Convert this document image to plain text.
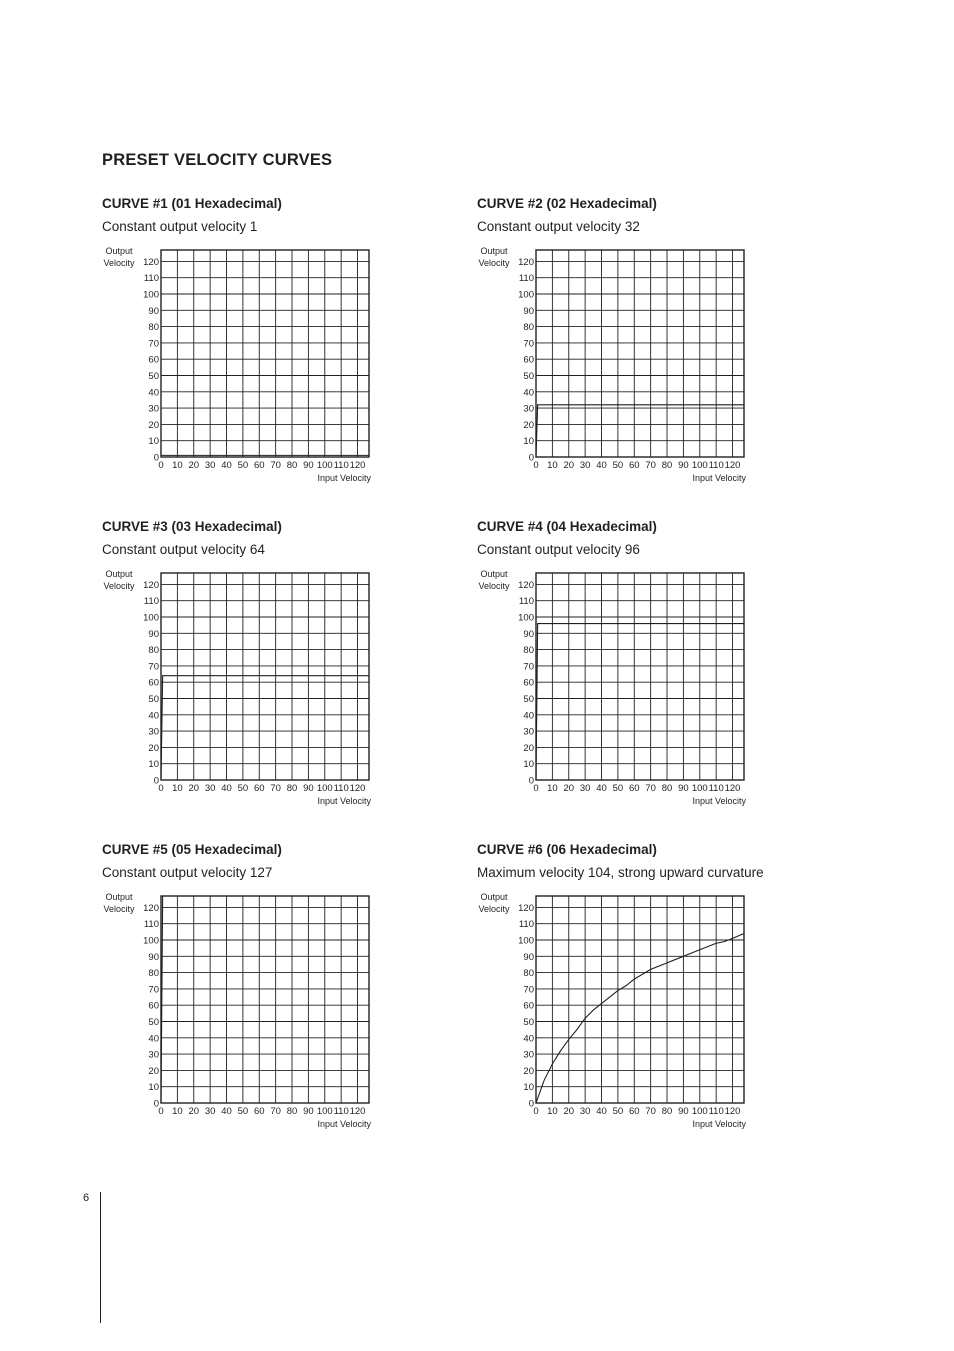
PRESET VELOCITY CURVES
CURVE #1 (01 Hexadecimal)
Constant output velocity 1
0
10
20
30
40
50
60
70
80
90
100
110
120
0 10 20 30 40 50 60 70 80 90 100 110 120
Output
Velocity
Input Velocity
CURVE #2 (02 Hexadecimal)
Constant output velocity 32
0
10
20
30
40
50
60
70
80
90
100
110
120
0 10 20 30 40 50 60 70 80 90 100 110 120
Output
Velocity
Input Velocity
CURVE #3 (03 Hexadecimal)
Constant output velocity 64
0
10
20
30
40
50
60
70
80
90
100
110
120
0 10 20 30 40 50 60 70 80 90 100 110 120
Output
Velocity
Input Velocity
CURVE #4 (04 Hexadecimal)
Constant output velocity 96
0
10
20
30
40
50
60
70
80
90
100
110
120
0 10 20 30 40 50 60 70 80 90 100 110 120
Output
Velocity
Input Velocity
CURVE #5 (05 Hexadecimal)
Constant output velocity 127
0
10
20
30
40
50
60
70
80
90
100
110
120
0 10 20 30 40 50 60 70 80 90 100 110 120
Output
Velocity
Input Velocity
CURVE #6 (06 Hexadecimal)
Maximum velocity 104, strong upward curvature
0
10
20
30
40
50
60
70
80
90
100
110
120
0 10 20 30 40 50 60 70 80 90 100 110 120
Output
Velocity
Input Velocity
6
